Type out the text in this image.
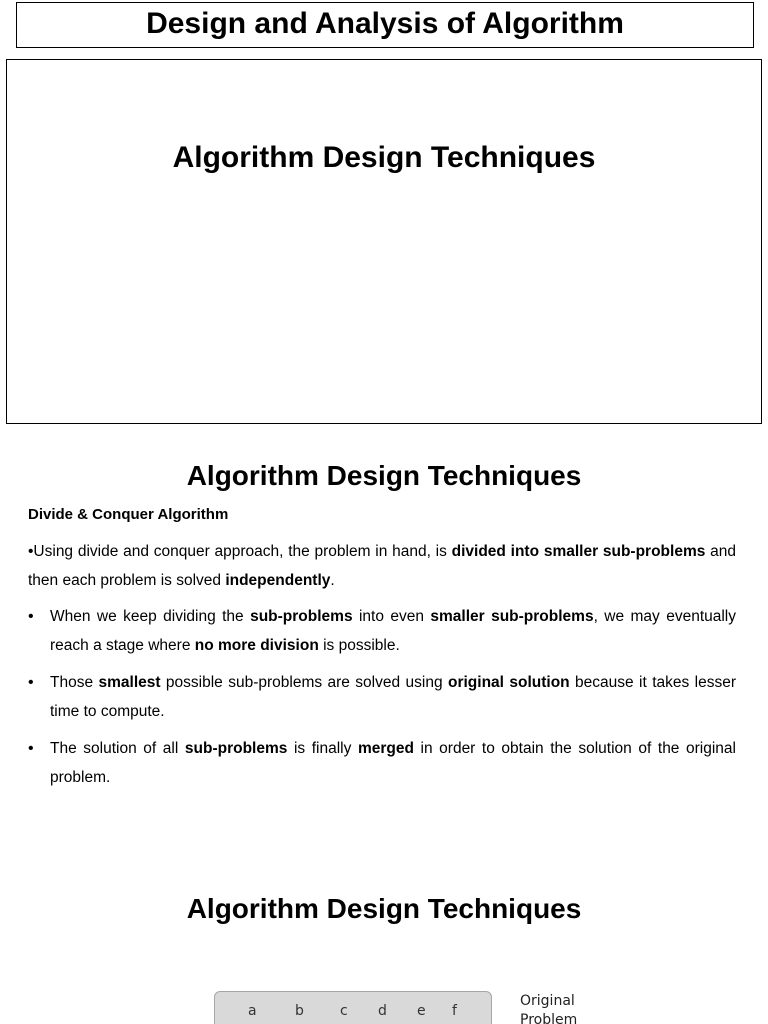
Design and Analysis of Algorithm
Algorithm Design Techniques
Algorithm Design Techniques
Divide & Conquer Algorithm
•Using divide and conquer approach, the problem in hand, is divided into smaller sub-problems and then each problem is solved independently.
• When we keep dividing the sub-problems into even smaller sub-problems, we may eventually reach a stage where no more division is possible.
• Those smallest possible sub-problems are solved using original solution because it takes lesser time to compute.
• The solution of all sub-problems is finally merged in order to obtain the solution of the original problem.
Algorithm Design Techniques
a	b	c d e f
Original
Problem
